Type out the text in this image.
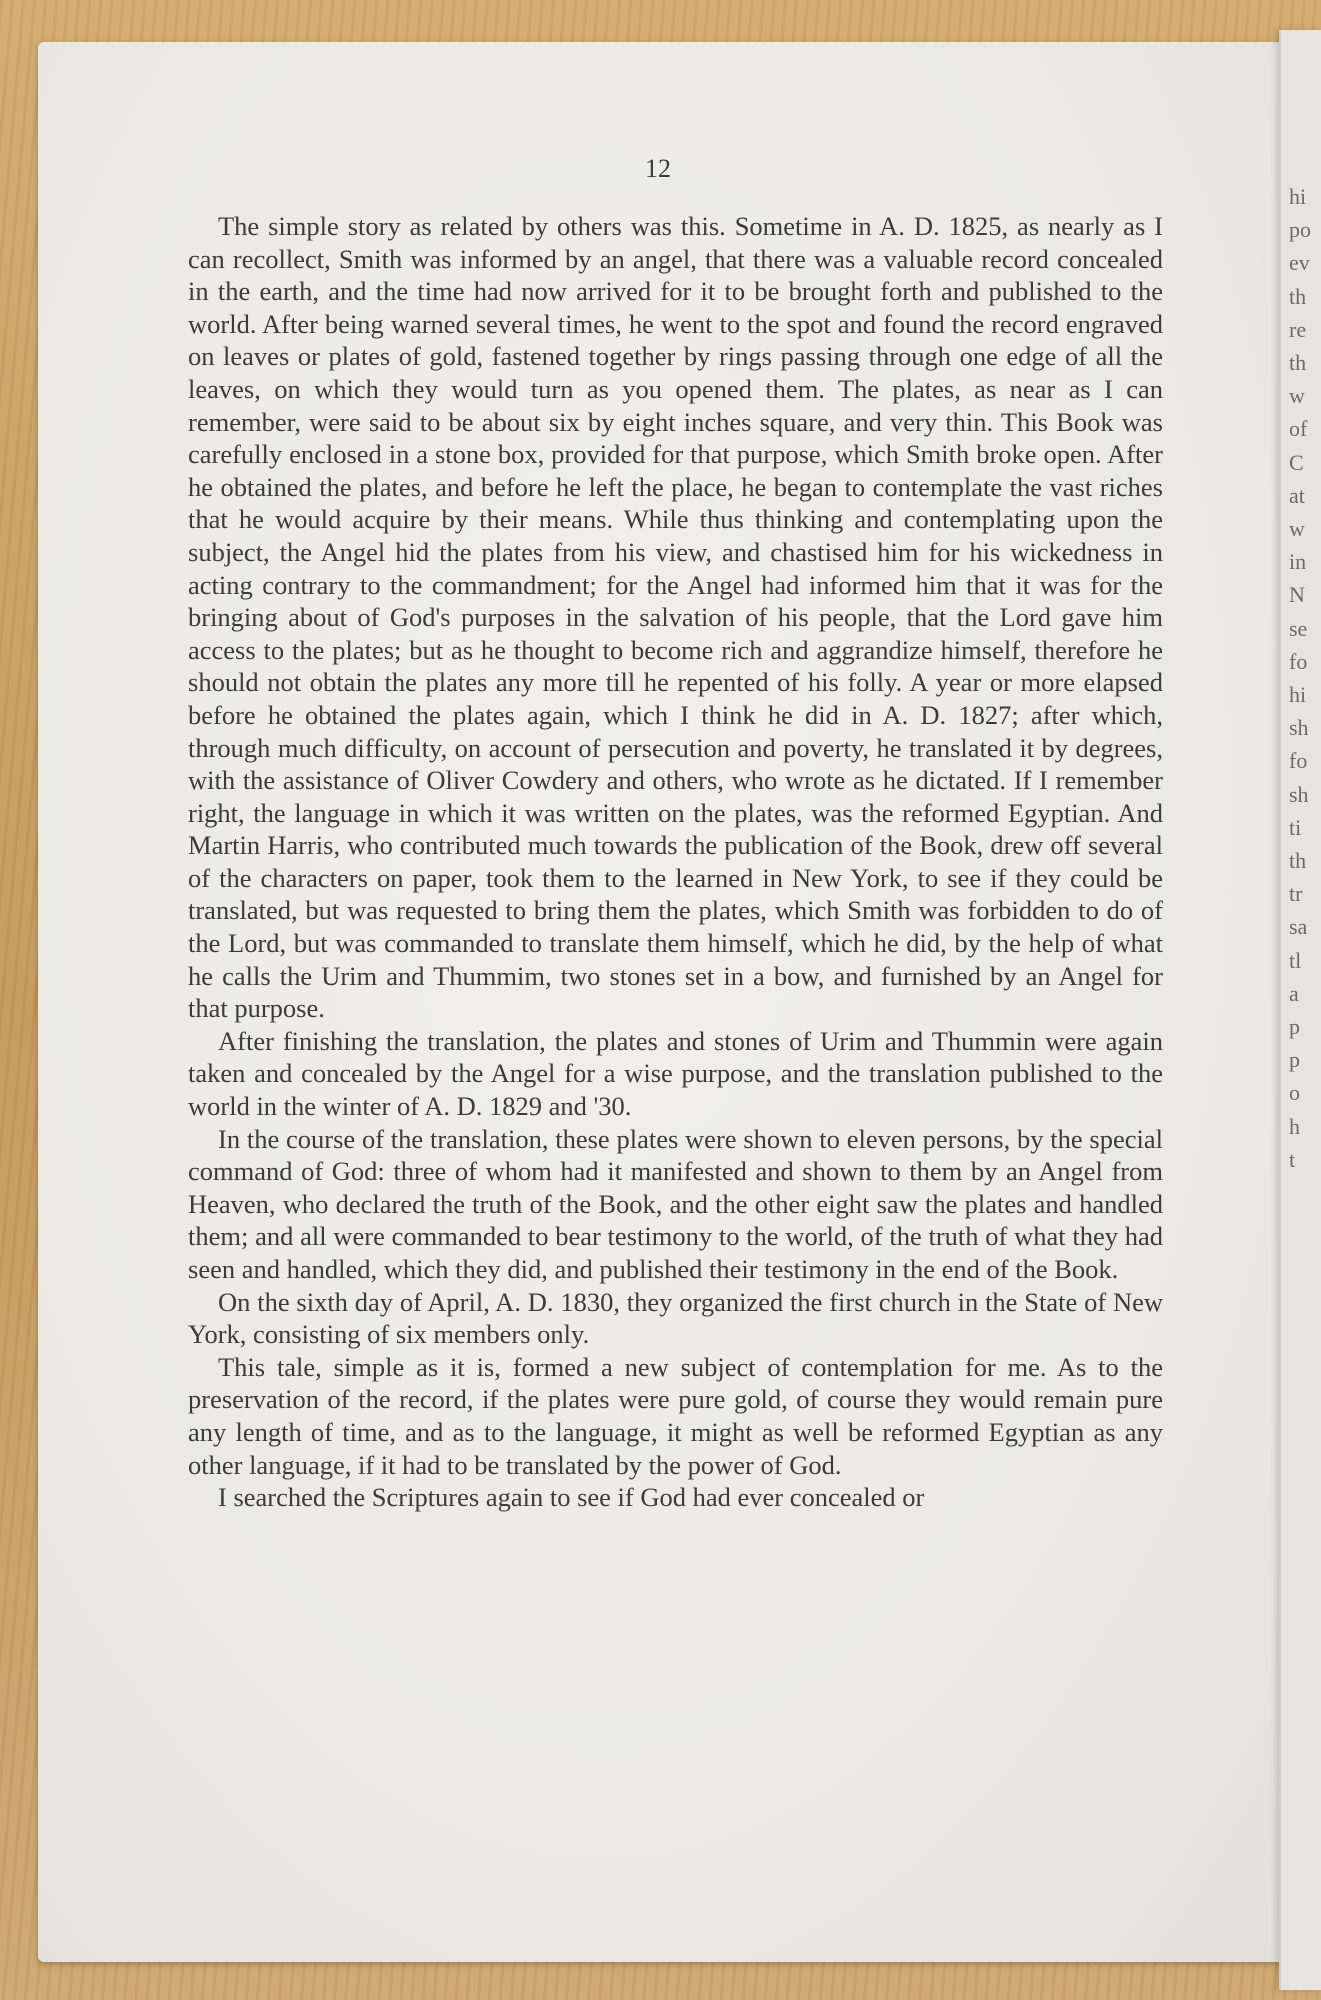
12

The simple story as related by others was this. Sometime in A. D. 1825, as nearly as I can recollect, Smith was informed by an angel, that there was a valuable record concealed in the earth, and the time had now arrived for it to be brought forth and published to the world. After being warned several times, he went to the spot and found the record engraved on leaves or plates of gold, fastened together by rings passing through one edge of all the leaves, on which they would turn as you opened them. The plates, as near as I can remember, were said to be about six by eight inches square, and very thin. This Book was carefully enclosed in a stone box, provided for that purpose, which Smith broke open. After he obtained the plates, and before he left the place, he began to contemplate the vast riches that he would acquire by their means. While thus thinking and contemplating upon the subject, the Angel hid the plates from his view, and chastised him for his wickedness in acting contrary to the commandment; for the Angel had informed him that it was for the bringing about of God's purposes in the salvation of his people, that the Lord gave him access to the plates; but as he thought to become rich and aggrandize himself, therefore he should not obtain the plates any more till he repented of his folly. A year or more elapsed before he obtained the plates again, which I think he did in A. D. 1827; after which, through much difficulty, on account of persecution and poverty, he translated it by degrees, with the assistance of Oliver Cowdery and others, who wrote as he dictated. If I remember right, the language in which it was written on the plates, was the reformed Egyptian. And Martin Harris, who contributed much towards the publication of the Book, drew off several of the characters on paper, took them to the learned in New York, to see if they could be translated, but was requested to bring them the plates, which Smith was forbidden to do of the Lord, but was commanded to translate them himself, which he did, by the help of what he calls the Urim and Thummim, two stones set in a bow, and furnished by an Angel for that purpose.

After finishing the translation, the plates and stones of Urim and Thummin were again taken and concealed by the Angel for a wise purpose, and the translation published to the world in the winter of A. D. 1829 and '30.

In the course of the translation, these plates were shown to eleven persons, by the special command of God: three of whom had it manifested and shown to them by an Angel from Heaven, who declared the truth of the Book, and the other eight saw the plates and handled them; and all were commanded to bear testimony to the world, of the truth of what they had seen and handled, which they did, and published their testimony in the end of the Book.

On the sixth day of April, A. D. 1830, they organized the first church in the State of New York, consisting of six members only.

This tale, simple as it is, formed a new subject of contemplation for me. As to the preservation of the record, if the plates were pure gold, of course they would remain pure any length of time, and as to the language, it might as well be reformed Egyptian as any other language, if it had to be translated by the power of God.

I searched the Scriptures again to see if God had ever concealed or

hi
po
ev
th
re
th
w
of
C
at
w
in
N
se
fo
hi
sh
fo
sh
ti
th
tr
sa
tl
a
p
p
o
h
t
